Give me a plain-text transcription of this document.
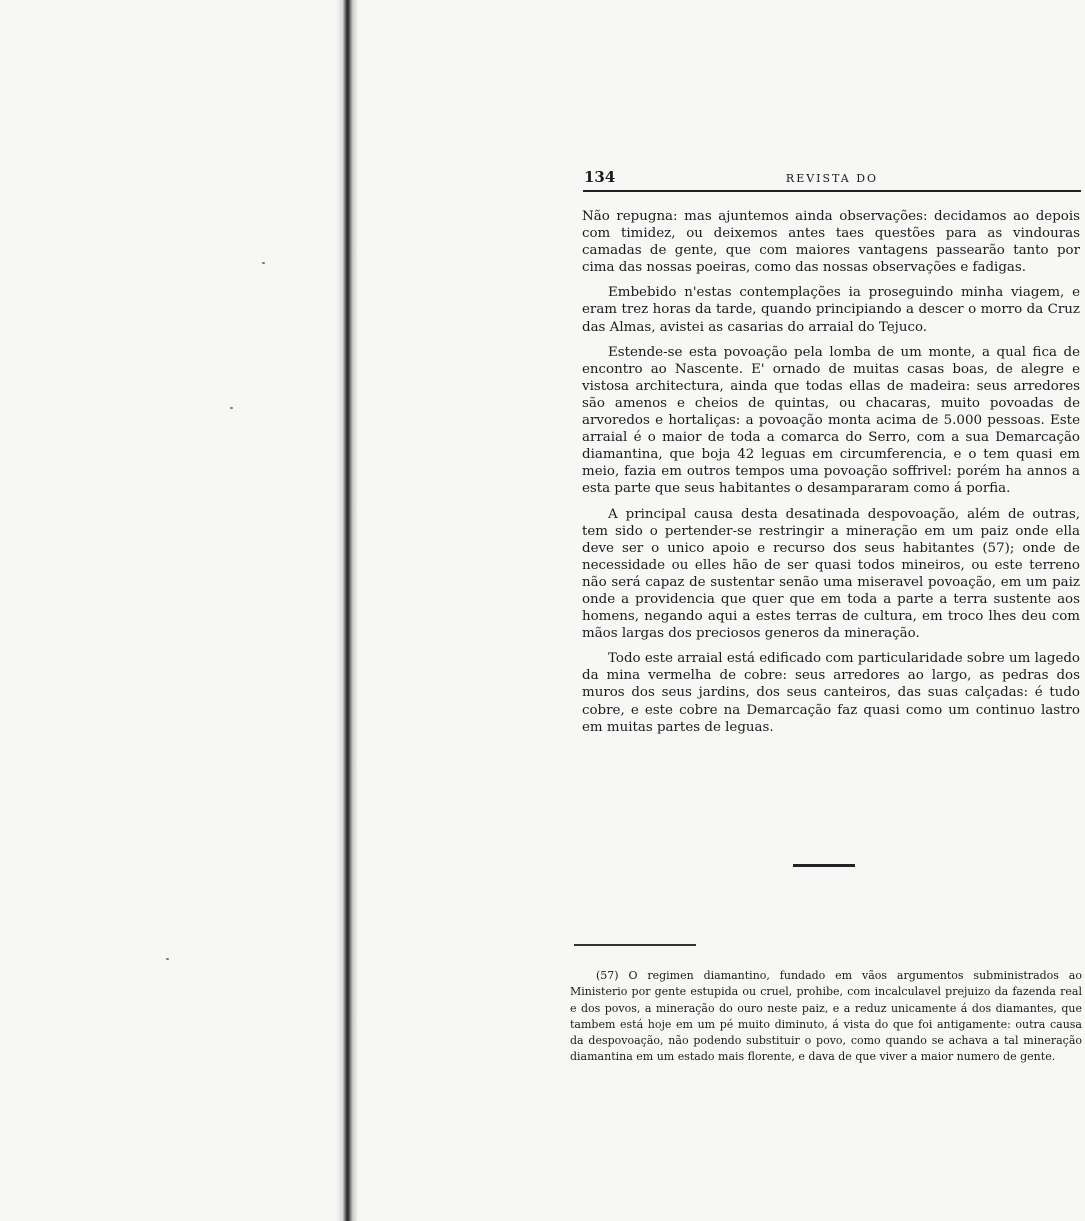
134	REVISTA DO

Não repugna: mas ajuntemos ainda observações: decidamos ao depois com timidez, ou deixemos antes taes questões para as vindouras camadas de gente, que com maiores vantagens passearão tanto por cima das nossas poeiras, como das nossas observações e fadigas.

Embebido n'estas contemplações ia proseguindo minha viagem, e eram trez horas da tarde, quando principiando a descer o morro da Cruz das Almas, avistei as casarias do arraial do Tejuco.

Estende-se esta povoação pela lomba de um monte, a qual fica de encontro ao Nascente. E' ornado de muitas casas boas, de alegre e vistosa architectura, ainda que todas ellas de madeira: seus arredores são amenos e cheios de quintas, ou chacaras, muito povoadas de arvoredos e hortaliças: a povoação monta acima de 5.000 pessoas. Este arraial é o maior de toda a comarca do Serro, com a sua Demarcação diamantina, que boja 42 leguas em circumferencia, e o tem quasi em meio, fazia em outros tempos uma povoação soffrivel: porém ha annos a esta parte que seus habitantes o desampararam como á porfia.

A principal causa desta desatinada despovoação, além de outras, tem sido o pertender-se restringir a mineração em um paiz onde ella deve ser o unico apoio e recurso dos seus habitantes (57); onde de necessidade ou elles hão de ser quasi todos mineiros, ou este terreno não será capaz de sustentar senão uma miseravel povoação, em um paiz onde a providencia que quer que em toda a parte a terra sustente aos homens, negando aqui a estes terras de cultura, em troco lhes deu com mãos largas dos preciosos generos da mineração.

Todo este arraial está edificado com particularidade sobre um lagedo da mina vermelha de cobre: seus arredores ao largo, as pedras dos muros dos seus jardins, dos seus canteiros, das suas calçadas: é tudo cobre, e este cobre na Demarcação faz quasi como um continuo lastro em muitas partes de leguas.

(57) O regimen diamantino, fundado em vãos argumentos subministrados ao Ministerio por gente estupida ou cruel, prohibe, com incalculavel prejuizo da fazenda real e dos povos, a mineração do ouro neste paiz, e a reduz unicamente á dos diamantes, que tambem está hoje em um pé muito diminuto, á vista do que foi antigamente: outra causa da despovoação, não podendo substituir o povo, como quando se achava a tal mineração diamantina em um estado mais florente, e dava de que viver a maior numero de gente.
